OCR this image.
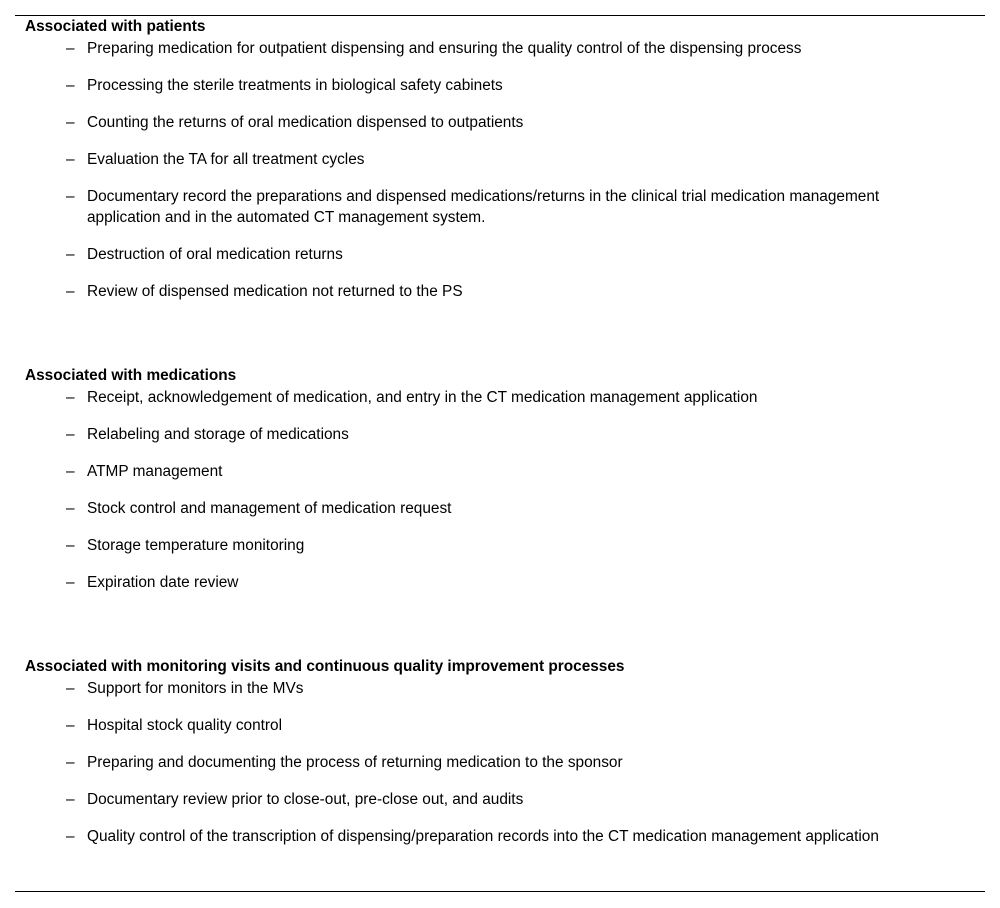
Associated with patients
– Preparing medication for outpatient dispensing and ensuring the quality control of the dispensing process
– Processing the sterile treatments in biological safety cabinets
– Counting the returns of oral medication dispensed to outpatients
– Evaluation the TA for all treatment cycles
– Documentary record the preparations and dispensed medications/returns in the clinical trial medication management application and in the automated CT management system.
– Destruction of oral medication returns
– Review of dispensed medication not returned to the PS
Associated with medications
– Receipt, acknowledgement of medication, and entry in the CT medication management application
– Relabeling and storage of medications
– ATMP management
– Stock control and management of medication request
– Storage temperature monitoring
– Expiration date review
Associated with monitoring visits and continuous quality improvement processes
– Support for monitors in the MVs
– Hospital stock quality control
– Preparing and documenting the process of returning medication to the sponsor
– Documentary review prior to close-out, pre-close out, and audits
– Quality control of the transcription of dispensing/preparation records into the CT medication management application
